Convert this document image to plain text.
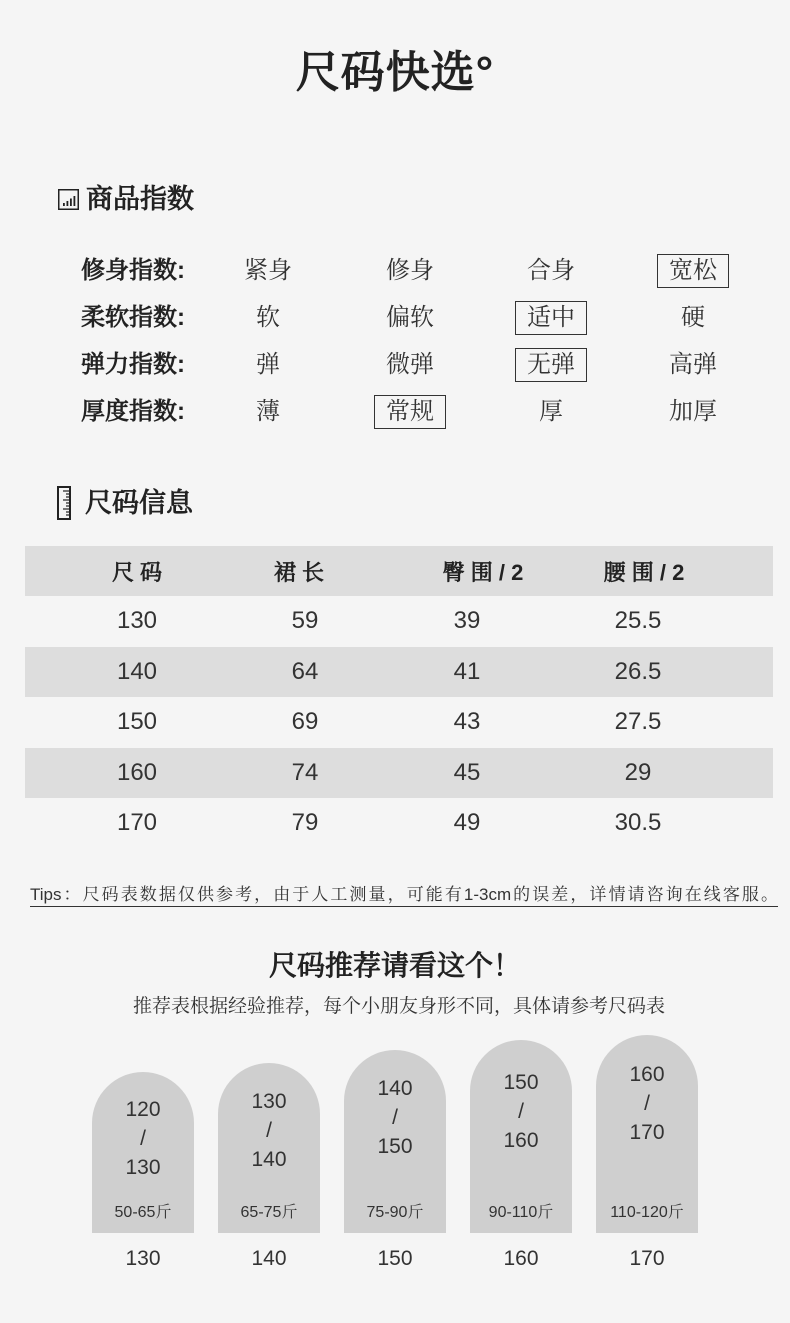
尺码快选°
商品指数
修身指数:	紧身	修身	合身	宽松
柔软指数:	软	偏软	适中	硬
弹力指数:	弹	微弹	无弹	高弹
厚度指数:	薄	常规	厚	加厚
尺码信息
尺 码	裙 长	臀 围 / 2	腰 围 / 2
130	59	39	25.5
140	64	41	26.5
150	69	43	27.5
160	74	45	29
170	79	49	30.5
Tips：尺码表数据仅供参考，由于人工测量，可能有1-3cm的误差，详情请咨询在线客服。
尺码推荐请看这个！
推荐表根据经验推荐，每个小朋友身形不同，具体请参考尺码表
120
/
130
50-65斤
130
130
/
140
65-75斤
140
140
/
150
75-90斤
150
150
/
160
90-110斤
160
160
/
170
110-120斤
170
